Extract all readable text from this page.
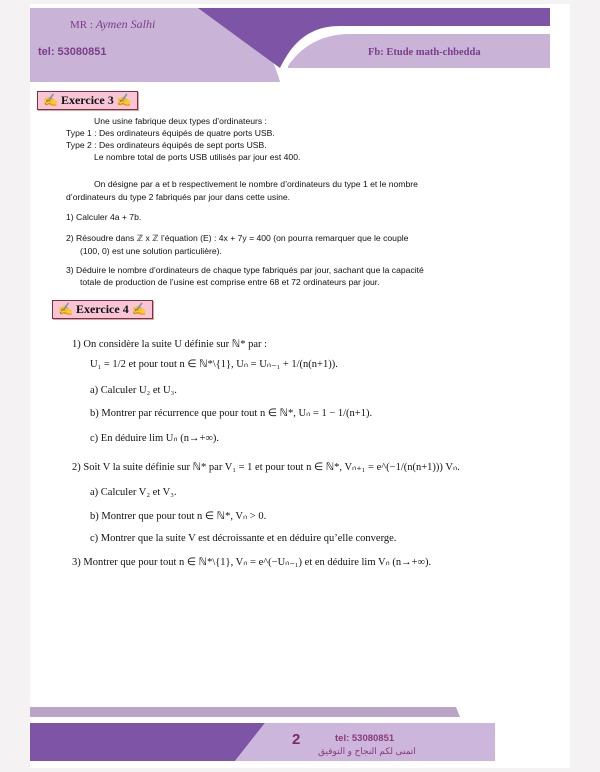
MR : Aymen Salhi
tel: 53080851	Fb: Etude math-chbedda
✍ Exercice 3 ✍
Une usine fabrique deux types d’ordinateurs :
Type 1 : Des ordinateurs équipés de quatre ports USB.
Type 2 : Des ordinateurs équipés de sept ports USB.
Le nombre total de ports USB utilisés par jour est 400.
On désigne par a et b respectivement le nombre d’ordinateurs du type 1 et le nombre
d’ordinateurs du type 2 fabriqués par jour dans cette usine.
1) Calculer 4a + 7b.
2) Résoudre dans ℤ x ℤ l’équation (E) : 4x + 7y = 400 (on pourra remarquer que le couple
(100, 0) est une solution particulière).
3) Déduire le nombre d’ordinateurs de chaque type fabriqués par jour, sachant que la capacité
totale de production de l’usine est comprise entre 68 et 72 ordinateurs par jour.
✍ Exercice 4 ✍
1) On considère la suite U définie sur ℕ* par :
U₁ = 1/2 et pour tout n ∈ ℕ*\{1}, Uₙ = Uₙ₋₁ + 1/(n(n+1)).
a) Calculer U₂ et U₃.
b) Montrer par récurrence que pour tout n ∈ ℕ*, Uₙ = 1 − 1/(n+1).
c) En déduire lim Uₙ (n→+∞).
2) Soit V la suite définie sur ℕ* par V₁ = 1 et pour tout n ∈ ℕ*, Vₙ₊₁ = e^(−1/(n(n+1))) Vₙ.
a) Calculer V₂ et V₃.
b) Montrer que pour tout n ∈ ℕ*, Vₙ > 0.
c) Montrer que la suite V est décroissante et en déduire qu’elle converge.
3) Montrer que pour tout n ∈ ℕ*\{1}, Vₙ = e^(−Uₙ₋₁) et en déduire lim Vₙ (n→+∞).
2	tel: 53080851
اتمنى لكم النجاح و التوفيق
